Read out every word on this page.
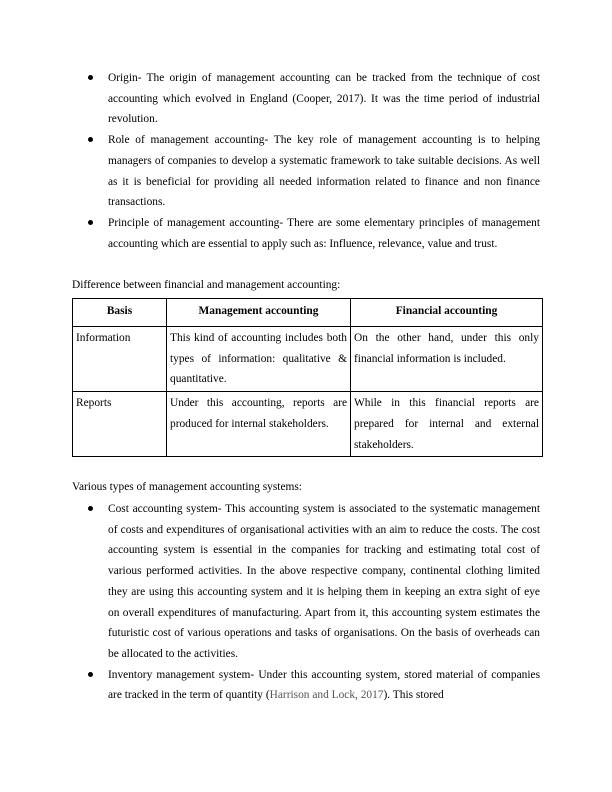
Origin- The origin of management accounting can be tracked from the technique of cost accounting which evolved in England (Cooper, 2017). It was the time period of industrial revolution.
Role of management accounting- The key role of management accounting is to helping managers of companies to develop a systematic framework to take suitable decisions. As well as it is beneficial for providing all needed information related to finance and non finance transactions.
Principle of management accounting- There are some elementary principles of management accounting which are essential to apply such as: Influence, relevance, value and trust.
Difference between financial and management accounting:
Basis	Management accounting	Financial accounting
Information	This kind of accounting includes both types of information: qualitative & quantitative.	On the other hand, under this only financial information is included.
Reports	Under this accounting, reports are produced for internal stakeholders.	While in this financial reports are prepared for internal and external stakeholders.
Various types of management accounting systems:
Cost accounting system- This accounting system is associated to the systematic management of costs and expenditures of organisational activities with an aim to reduce the costs. The cost accounting system is essential in the companies for tracking and estimating total cost of various performed activities. In the above respective company, continental clothing limited they are using this accounting system and it is helping them in keeping an extra sight of eye on overall expenditures of manufacturing. Apart from it, this accounting system estimates the futuristic cost of various operations and tasks of organisations. On the basis of overheads can be allocated to the activities.
Inventory management system- Under this accounting system, stored material of companies are tracked in the term of quantity (Harrison and Lock, 2017). This stored
